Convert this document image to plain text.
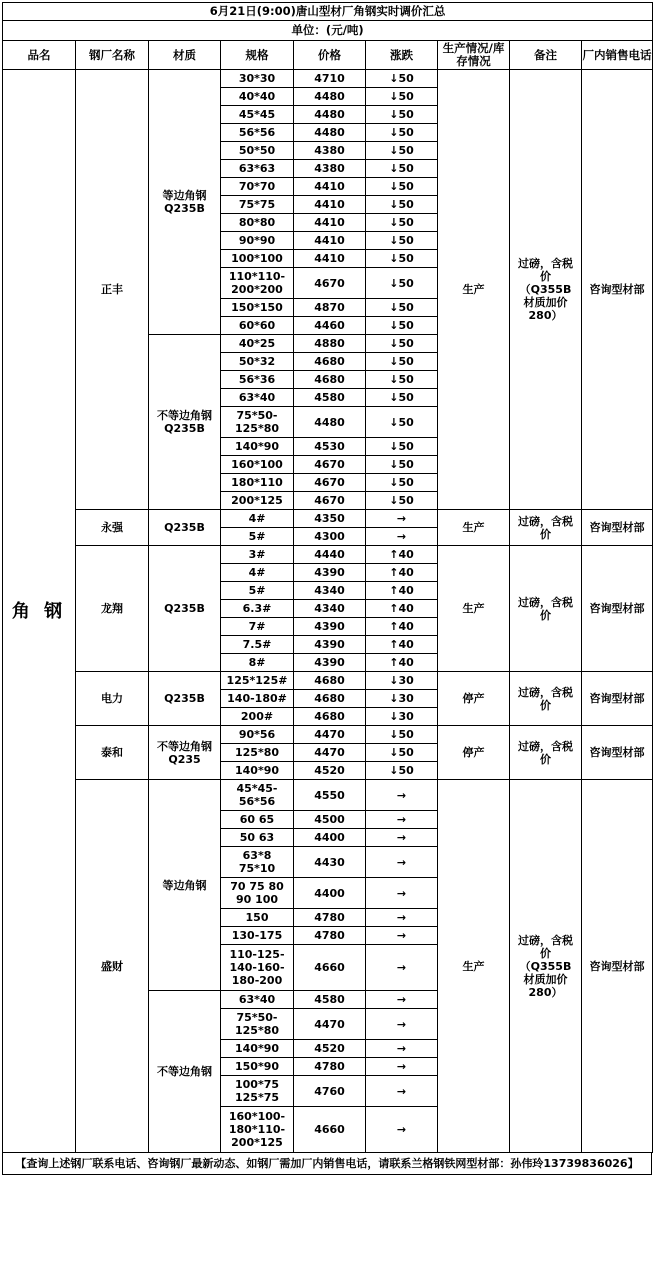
6月21日(9:00)唐山型材厂角钢实时调价汇总								
单位：(元/吨)								
品名	钢厂名称	材质	规格	价格	涨跌	生产情况/库存情况	备注	厂内销售电话
角 钢	正丰	等边角钢Q235B	30*30	4710	↓50	生产	过磅，含税价（Q355B材质加价280）	咨询型材部
			40*40	4480	↓50			
			45*45	4480	↓50			
			56*56	4480	↓50			
			50*50	4380	↓50			
			63*63	4380	↓50			
			70*70	4410	↓50			
			75*75	4410	↓50			
			80*80	4410	↓50			
			90*90	4410	↓50			
			100*100	4410	↓50			
			110*110-200*200	4670	↓50			
			150*150	4870	↓50			
			60*60	4460	↓50			
		不等边角钢Q235B	40*25	4880	↓50			
			50*32	4680	↓50			
			56*36	4680	↓50			
			63*40	4580	↓50			
			75*50-125*80	4480	↓50			
			140*90	4530	↓50			
			160*100	4670	↓50			
			180*110	4670	↓50			
			200*125	4670	↓50			
	永强	Q235B	4#	4350	→	生产	过磅，含税价	咨询型材部
			5#	4300	→			
	龙翔	Q235B	3#	4440	↑40	生产	过磅，含税价	咨询型材部
			4#	4390	↑40			
			5#	4340	↑40			
			6.3#	4340	↑40			
			7#	4390	↑40			
			7.5#	4390	↑40			
			8#	4390	↑40			
	电力	Q235B	125*125#	4680	↓30	停产	过磅，含税价	咨询型材部
			140-180#	4680	↓30			
			200#	4680	↓30			
	泰和	不等边角钢Q235	90*56	4470	↓50	停产	过磅，含税价	咨询型材部
			125*80	4470	↓50			
			140*90	4520	↓50			
	盛财	等边角钢	45*45-56*56	4550	→	生产	过磅，含税价（Q355B材质加价280）	咨询型材部
			60 65	4500	→			
			50 63	4400	→			
			63*8 75*10	4430	→			
			70 75 80 90 100	4400	→			
			150	4780	→			
			130-175	4780	→			
			110-125-140-160-180-200	4660	→			
		不等边角钢	63*40	4580	→			
			75*50-125*80	4470	→			
			140*90	4520	→			
			150*90	4780	→			
			100*75 125*75	4760	→			
			160*100-180*110-200*125	4660	→			
【查询上述钢厂联系电话、咨询钢厂最新动态、如钢厂需加厂内销售电话，请联系兰格钢铁网型材部：孙伟玲13739836026】
